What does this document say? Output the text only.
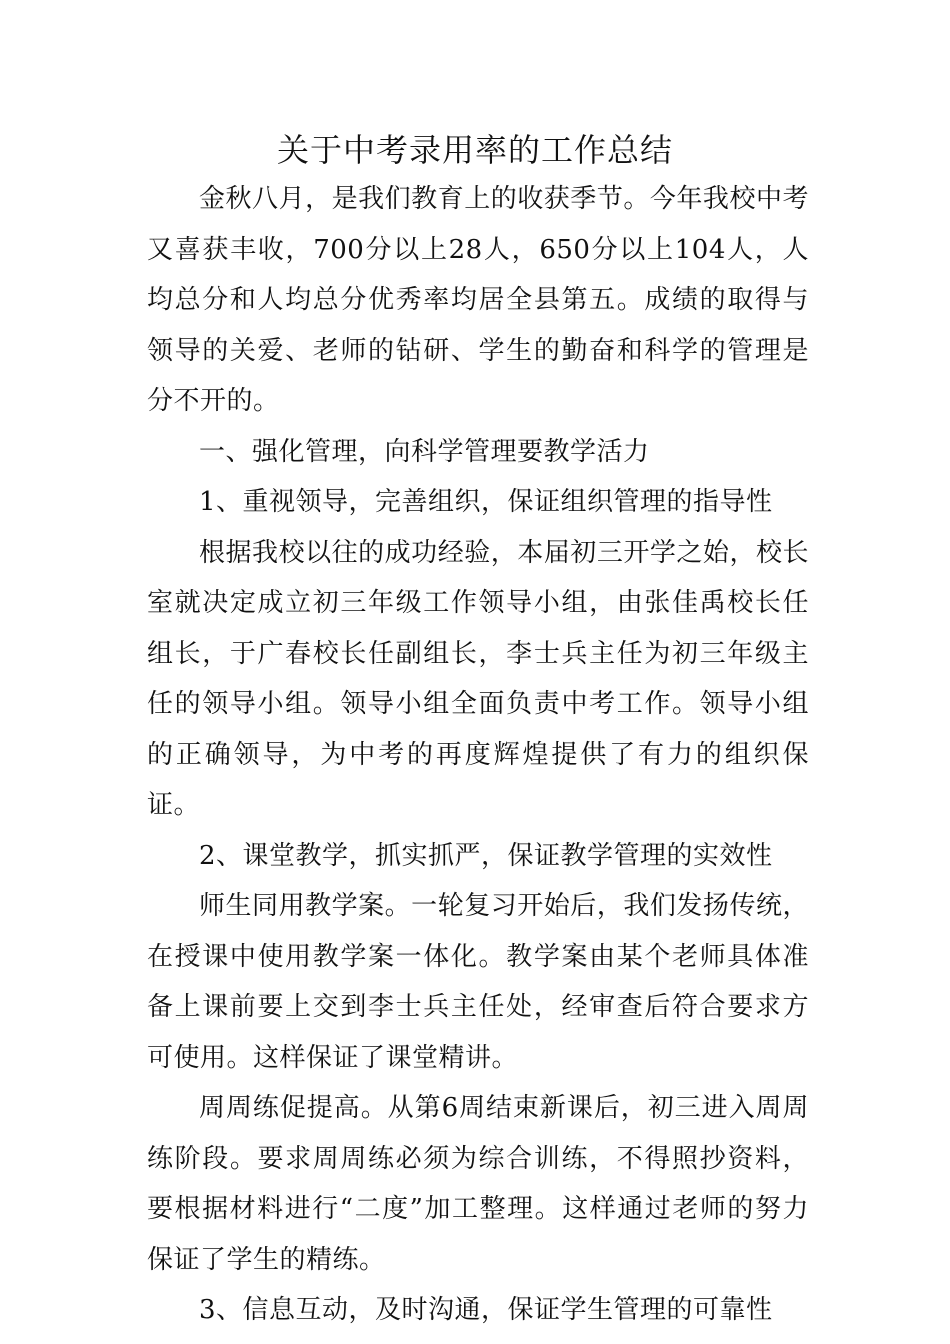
关于中考录用率的工作总结

金秋八月，是我们教育上的收获季节。今年我校中考又喜获丰收，700分以上28人，650分以上104人，人均总分和人均总分优秀率均居全县第五。成绩的取得与领导的关爱、老师的钻研、学生的勤奋和科学的管理是分不开的。

一、强化管理，向科学管理要教学活力

1、重视领导，完善组织，保证组织管理的指导性

根据我校以往的成功经验，本届初三开学之始，校长室就决定成立初三年级工作领导小组，由张佳禹校长任组长，于广春校长任副组长，李士兵主任为初三年级主任的领导小组。领导小组全面负责中考工作。领导小组的正确领导，为中考的再度辉煌提供了有力的组织保证。

2、课堂教学，抓实抓严，保证教学管理的实效性

师生同用教学案。一轮复习开始后，我们发扬传统，在授课中使用教学案一体化。教学案由某个老师具体准备上课前要上交到李士兵主任处，经审查后符合要求方可使用。这样保证了课堂精讲。

周周练促提高。从第6周结束新课后，初三进入周周练阶段。要求周周练必须为综合训练，不得照抄资料，要根据材料进行“二度”加工整理。这样通过老师的努力保证了学生的精练。

3、信息互动，及时沟通，保证学生管理的可靠性
